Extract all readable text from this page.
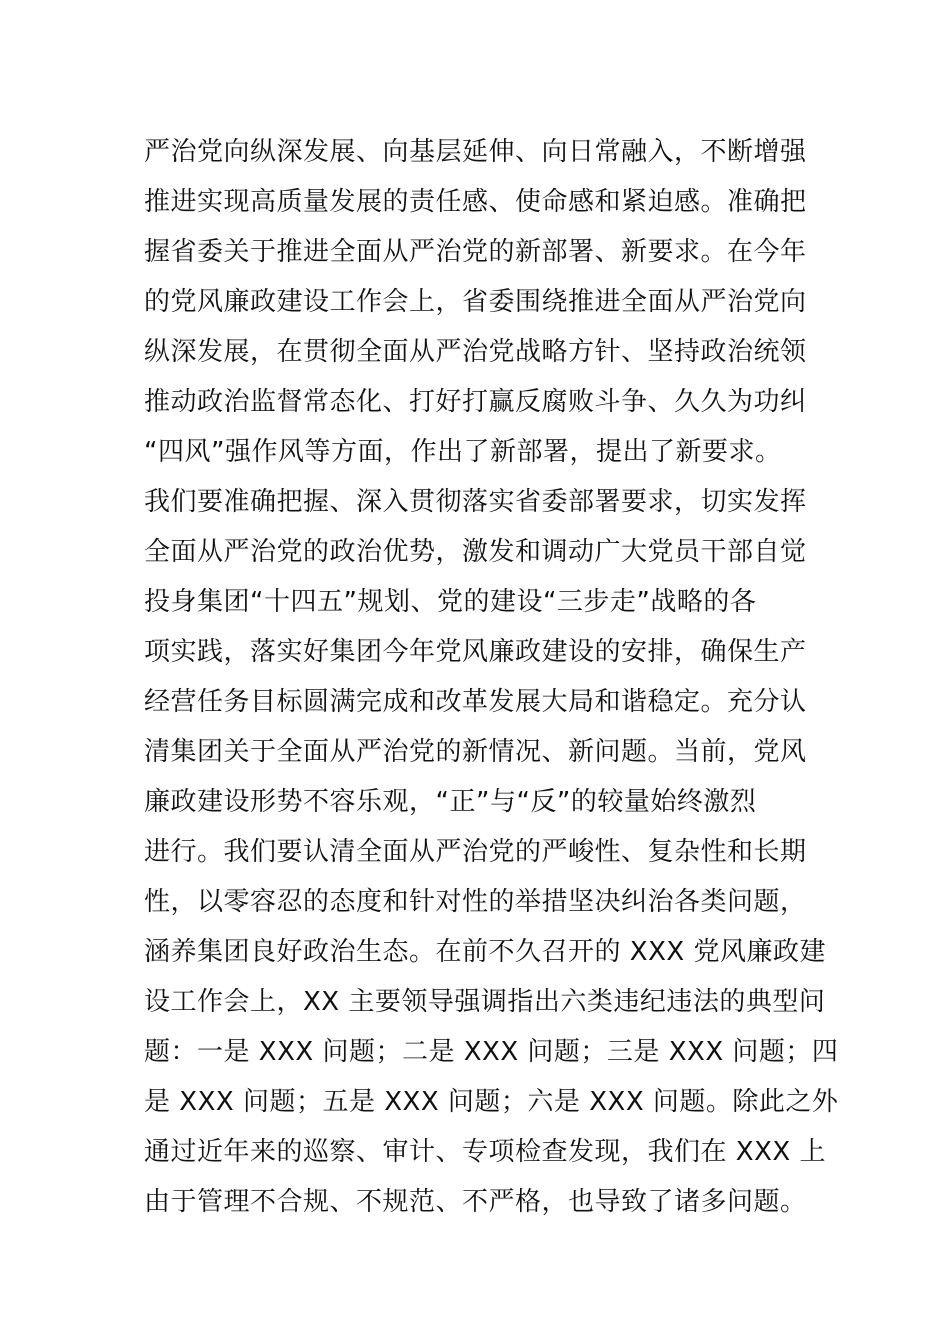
严治党向纵深发展、向基层延伸、向日常融入，不断增强
推进实现高质量发展的责任感、使命感和紧迫感。准确把
握省委关于推进全面从严治党的新部署、新要求。在今年
的党风廉政建设工作会上，省委围绕推进全面从严治党向
纵深发展，在贯彻全面从严治党战略方针、坚持政治统领
推动政治监督常态化、打好打赢反腐败斗争、久久为功纠
“四风”强作风等方面，作出了新部署，提出了新要求。
我们要准确把握、深入贯彻落实省委部署要求，切实发挥
全面从严治党的政治优势，激发和调动广大党员干部自觉
投身集团“十四五”规划、党的建设“三步走”战略的各
项实践，落实好集团今年党风廉政建设的安排，确保生产
经营任务目标圆满完成和改革发展大局和谐稳定。充分认
清集团关于全面从严治党的新情况、新问题。当前，党风
廉政建设形势不容乐观，“正”与“反”的较量始终激烈
进行。我们要认清全面从严治党的严峻性、复杂性和长期
性，以零容忍的态度和针对性的举措坚决纠治各类问题，
涵养集团良好政治生态。在前不久召开的 XXX 党风廉政建
设工作会上，XX 主要领导强调指出六类违纪违法的典型问
题：一是 XXX 问题；二是 XXX 问题；三是 XXX 问题；四
是 XXX 问题；五是 XXX 问题；六是 XXX 问题。除此之外
通过近年来的巡察、审计、专项检查发现，我们在 XXX 上
由于管理不合规、不规范、不严格，也导致了诸多问题。
